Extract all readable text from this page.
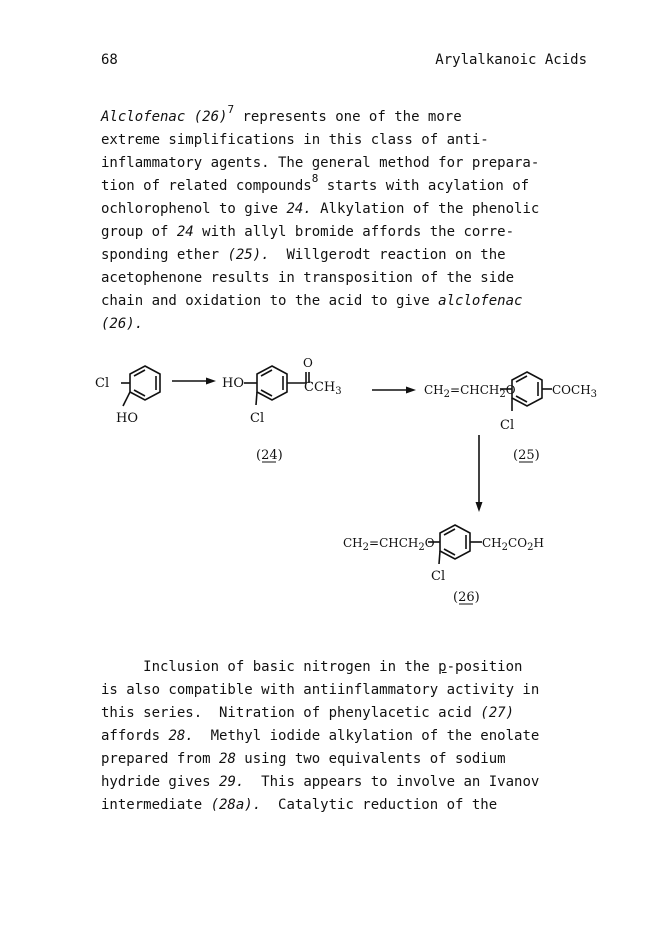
68	Arylalkanoic Acids
Alclofenac $(26)^7$ represents one of the more
extreme simplifications in this class of anti-
inflammatory agents. The general method for prepara-
tion of related compounds$^8$ starts with acylation of
ochlorophenol to give 24. Alkylation of the phenolic
group of 24 with allyl bromide affords the corre-
sponding ether (25).  Willgerodt reaction on the
acetophenone results in transposition of the side
chain and oxidation to the acid to give alclofenac
(26).
Cl
HO
HO
O
CCH3
Cl
(24)
CH2=CHCH2O	COCH3
Cl
(25)
CH2=CHCH2O	CH2CO2H
Cl
(26)
Inclusion of basic nitrogen in the p-position
is also compatible with antiinflammatory activity in
this series.  Nitration of phenylacetic acid (27)
affords 28.  Methyl iodide alkylation of the enolate
prepared from 28 using two equivalents of sodium
hydride gives 29.  This appears to involve an Ivanov
intermediate (28a).  Catalytic reduction of the
